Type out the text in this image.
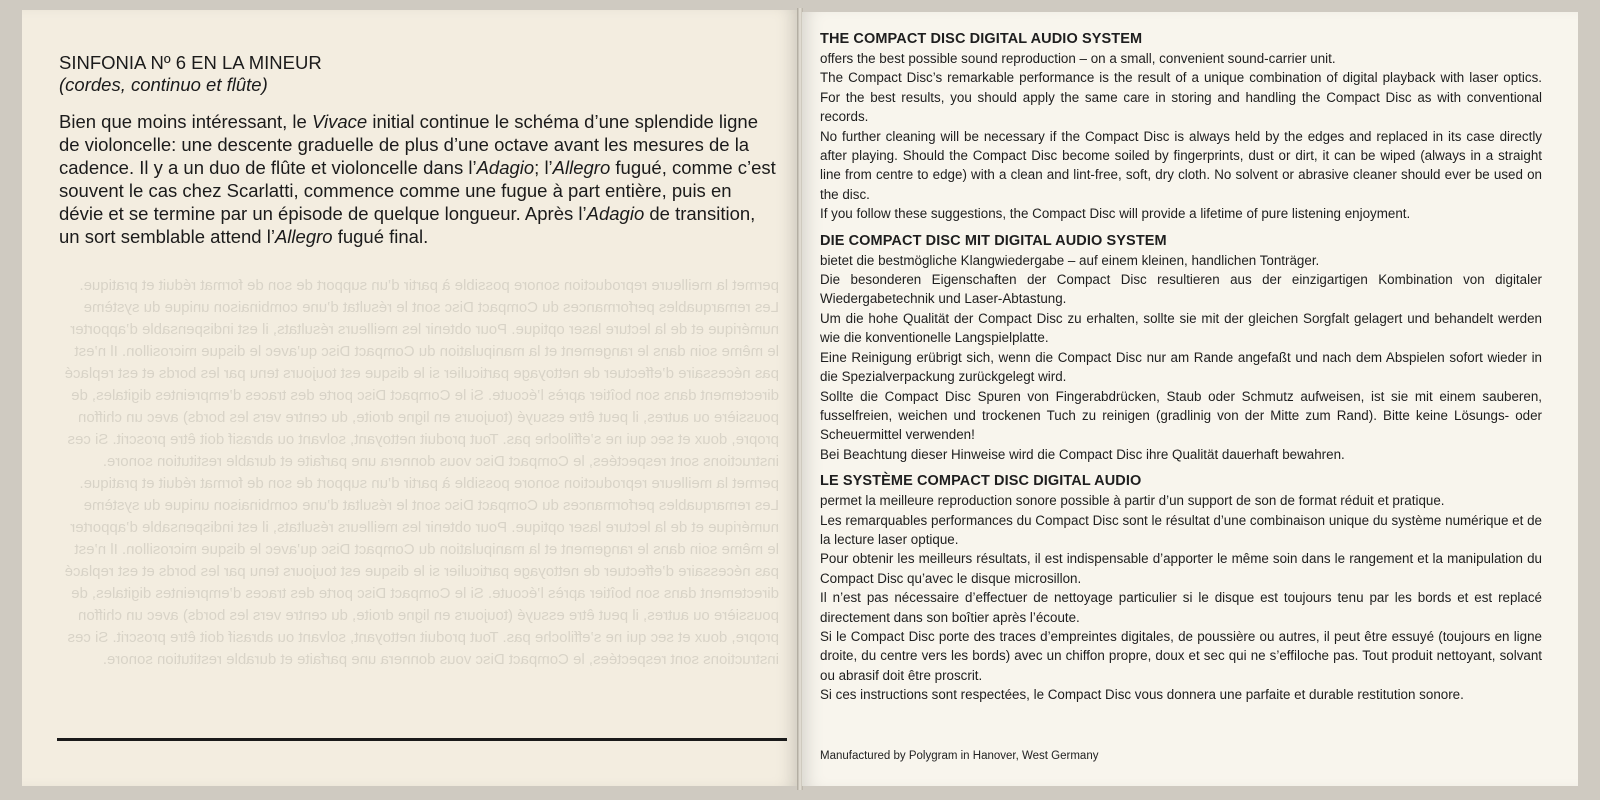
permet la meilleure reproduction sonore possible à partir d’un support de son de format réduit et pratique. Les remarquables performances du Compact Disc sont le résultat d’une combinaison unique du système numérique et de la lecture laser optique. Pour obtenir les meilleurs résultats, il est indispensable d’apporter le même soin dans le rangement et la manipulation du Compact Disc qu’avec le disque microsillon. Il n’est pas nécessaire d’effectuer de nettoyage particulier si le disque est toujours tenu par les bords et est replacé directement dans son boîtier après l’écoute. Si le Compact Disc porte des traces d’empreintes digitales, de poussière ou autres, il peut être essuyé (toujours en ligne droite, du centre vers les bords) avec un chiffon propre, doux et sec qui ne s’effiloche pas. Tout produit nettoyant, solvant ou abrasif doit être proscrit. Si ces instructions sont respectées, le Compact Disc vous donnera une parfaite et durable restitution sonore. permet la meilleure reproduction sonore possible à partir d’un support de son de format réduit et pratique. Les remarquables performances du Compact Disc sont le résultat d’une combinaison unique du système numérique et de la lecture laser optique. Pour obtenir les meilleurs résultats, il est indispensable d’apporter le même soin dans le rangement et la manipulation du Compact Disc qu’avec le disque microsillon. Il n’est pas nécessaire d’effectuer de nettoyage particulier si le disque est toujours tenu par les bords et est replacé directement dans son boîtier après l’écoute. Si le Compact Disc porte des traces d’empreintes digitales, de poussière ou autres, il peut être essuyé (toujours en ligne droite, du centre vers les bords) avec un chiffon propre, doux et sec qui ne s’effiloche pas. Tout produit nettoyant, solvant ou abrasif doit être proscrit. Si ces instructions sont respectées, le Compact Disc vous donnera une parfaite et durable restitution sonore.
SINFONIA Nº 6 EN LA MINEUR
(cordes, continuo et flûte)
Bien que moins intéressant, le Vivace initial continue le schéma d’une splendide ligne de violoncelle: une descente graduelle de plus d’une octave avant les mesures de la cadence. Il y a un duo de flûte et violoncelle dans l’Adagio; l’Allegro fugué, comme c’est souvent le cas chez Scarlatti, commence comme une fugue à part entière, puis en dévie et se termine par un épisode de quelque longueur. Après l’Adagio de transition, un sort semblable attend l’Allegro fugué final.
THE COMPACT DISC DIGITAL AUDIO SYSTEM

offers the best possible sound reproduction – on a small, convenient sound-carrier unit.

The Compact Disc’s remarkable performance is the result of a unique combination of digital playback with laser optics. For the best results, you should apply the same care in storing and handling the Compact Disc as with conventional records.

No further cleaning will be necessary if the Compact Disc is always held by the edges and replaced in its case directly after playing. Should the Compact Disc become soiled by fingerprints, dust or dirt, it can be wiped (always in a straight line from centre to edge) with a clean and lint-free, soft, dry cloth. No solvent or abrasive cleaner should ever be used on the disc.

If you follow these suggestions, the Compact Disc will provide a lifetime of pure listening enjoyment.

DIE COMPACT DISC MIT DIGITAL AUDIO SYSTEM

bietet die bestmögliche Klangwiedergabe – auf einem kleinen, handlichen Tonträger.

Die besonderen Eigenschaften der Compact Disc resultieren aus der einzigartigen Kombination von digitaler Wiedergabetechnik und Laser-Abtastung.

Um die hohe Qualität der Compact Disc zu erhalten, sollte sie mit der gleichen Sorgfalt gelagert und behandelt werden wie die konventionelle Langspielplatte.

Eine Reinigung erübrigt sich, wenn die Compact Disc nur am Rande angefaßt und nach dem Abspielen sofort wieder in die Spezialverpackung zurückgelegt wird.

Sollte die Compact Disc Spuren von Fingerabdrücken, Staub oder Schmutz aufweisen, ist sie mit einem sauberen, fusselfreien, weichen und trockenen Tuch zu reinigen (gradlinig von der Mitte zum Rand). Bitte keine Lösungs- oder Scheuermittel verwenden!

Bei Beachtung dieser Hinweise wird die Compact Disc ihre Qualität dauerhaft bewahren.

LE SYSTÈME COMPACT DISC DIGITAL AUDIO

permet la meilleure reproduction sonore possible à partir d’un support de son de format réduit et pratique.

Les remarquables performances du Compact Disc sont le résultat d’une combinaison unique du système numérique et de la lecture laser optique.

Pour obtenir les meilleurs résultats, il est indispensable d’apporter le même soin dans le rangement et la manipulation du Compact Disc qu’avec le disque microsillon.

Il n’est pas nécessaire d’effectuer de nettoyage particulier si le disque est toujours tenu par les bords et est replacé directement dans son boîtier après l’écoute.

Si le Compact Disc porte des traces d’empreintes digitales, de poussière ou autres, il peut être essuyé (toujours en ligne droite, du centre vers les bords) avec un chiffon propre, doux et sec qui ne s’effiloche pas. Tout produit nettoyant, solvant ou abrasif doit être proscrit.

Si ces instructions sont respectées, le Compact Disc vous donnera une parfaite et durable restitution sonore.

Manufactured by Polygram in Hanover, West Germany
